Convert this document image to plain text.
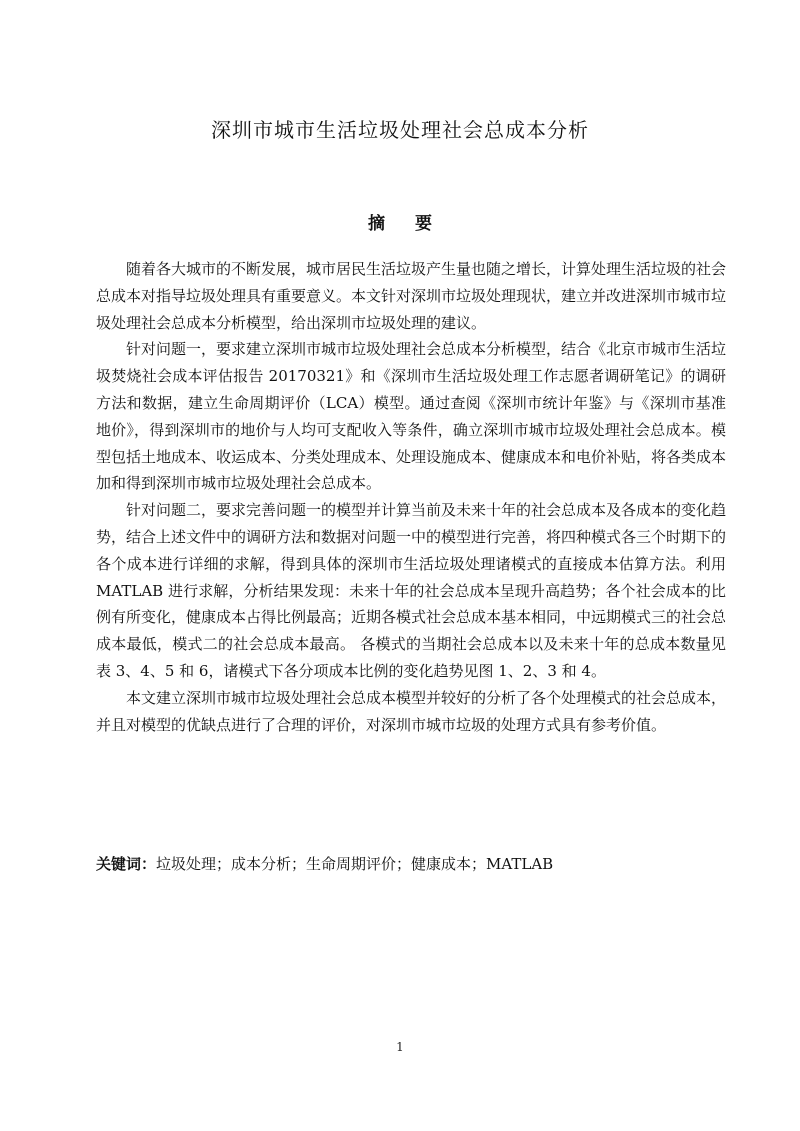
深圳市城市生活垃圾处理社会总成本分析
摘 要

随着各大城市的不断发展，城市居民生活垃圾产生量也随之增长，计算处理生活垃圾的社会总成本对指导垃圾处理具有重要意义。本文针对深圳市垃圾处理现状，建立并改进深圳市城市垃圾处理社会总成本分析模型，给出深圳市垃圾处理的建议。

针对问题一，要求建立深圳市城市垃圾处理社会总成本分析模型，结合《北京市城市生活垃圾焚烧社会成本评估报告 20170321》和《深圳市生活垃圾处理工作志愿者调研笔记》的调研方法和数据，建立生命周期评价（LCA）模型。通过查阅《深圳市统计年鉴》与《深圳市基准地价》，得到深圳市的地价与人均可支配收入等条件，确立深圳市城市垃圾处理社会总成本。模型包括土地成本、收运成本、分类处理成本、处理设施成本、健康成本和电价补贴，将各类成本加和得到深圳市城市垃圾处理社会总成本。

针对问题二，要求完善问题一的模型并计算当前及未来十年的社会总成本及各成本的变化趋势，结合上述文件中的调研方法和数据对问题一中的模型进行完善，将四种模式各三个时期下的各个成本进行详细的求解，得到具体的深圳市生活垃圾处理诸模式的直接成本估算方法。利用 MATLAB 进行求解，分析结果发现：未来十年的社会总成本呈现升高趋势；各个社会成本的比例有所变化，健康成本占得比例最高；近期各模式社会总成本基本相同，中远期模式三的社会总成本最低，模式二的社会总成本最高。 各模式的当期社会总成本以及未来十年的总成本数量见表 3、4、5 和 6，诸模式下各分项成本比例的变化趋势见图 1、2、3 和 4。

本文建立深圳市城市垃圾处理社会总成本模型并较好的分析了各个处理模式的社会总成本，并且对模型的优缺点进行了合理的评价，对深圳市城市垃圾的处理方式具有参考价值。

关键词：垃圾处理；成本分析；生命周期评价；健康成本；MATLAB
1
